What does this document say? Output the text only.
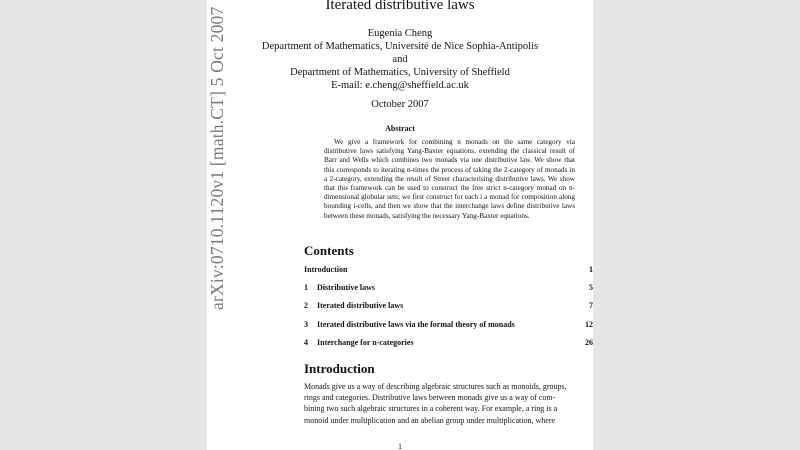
Iterated distributive laws
Eugenia Cheng
Department of Mathematics, Université de Nice Sophia-Antipolis
and
Department of Mathematics, University of Sheffield
E-mail: e.cheng@sheffield.ac.uk
October 2007
Abstract
We give a framework for combining n monads on the same category via distributive laws satisfying Yang-Baxter equations, extending the classical result of Barr and Wells which combines two monads via one distributive law. We show that this corresponds to iterating n-times the process of taking the 2-category of monads in a 2-category, extending the result of Street characterising distributive laws. We show that this framework can be used to construct the free strict n-category monad on n-dimensional globular sets; we first construct for each i a monad for composition along bounding i-cells, and then we show that the interchange laws define distributive laws between these monads, satisfying the necessary Yang-Baxter equations.
Contents
Introduction	1
1 Distributive laws	5
2 Iterated distributive laws	7
3 Iterated distributive laws via the formal theory of monads	12
4 Interchange for n-categories	26
Introduction
Monads give us a way of describing algebraic structures such as monoids, groups,
rings and categories. Distributive laws between monads give us a way of com-
bining two such algebraic structures in a coherent way. For example, a ring is a
monoid under multiplication and an abelian group under multiplication, where
1
arXiv:0710.1120v1 [math.CT] 5 Oct 2007
